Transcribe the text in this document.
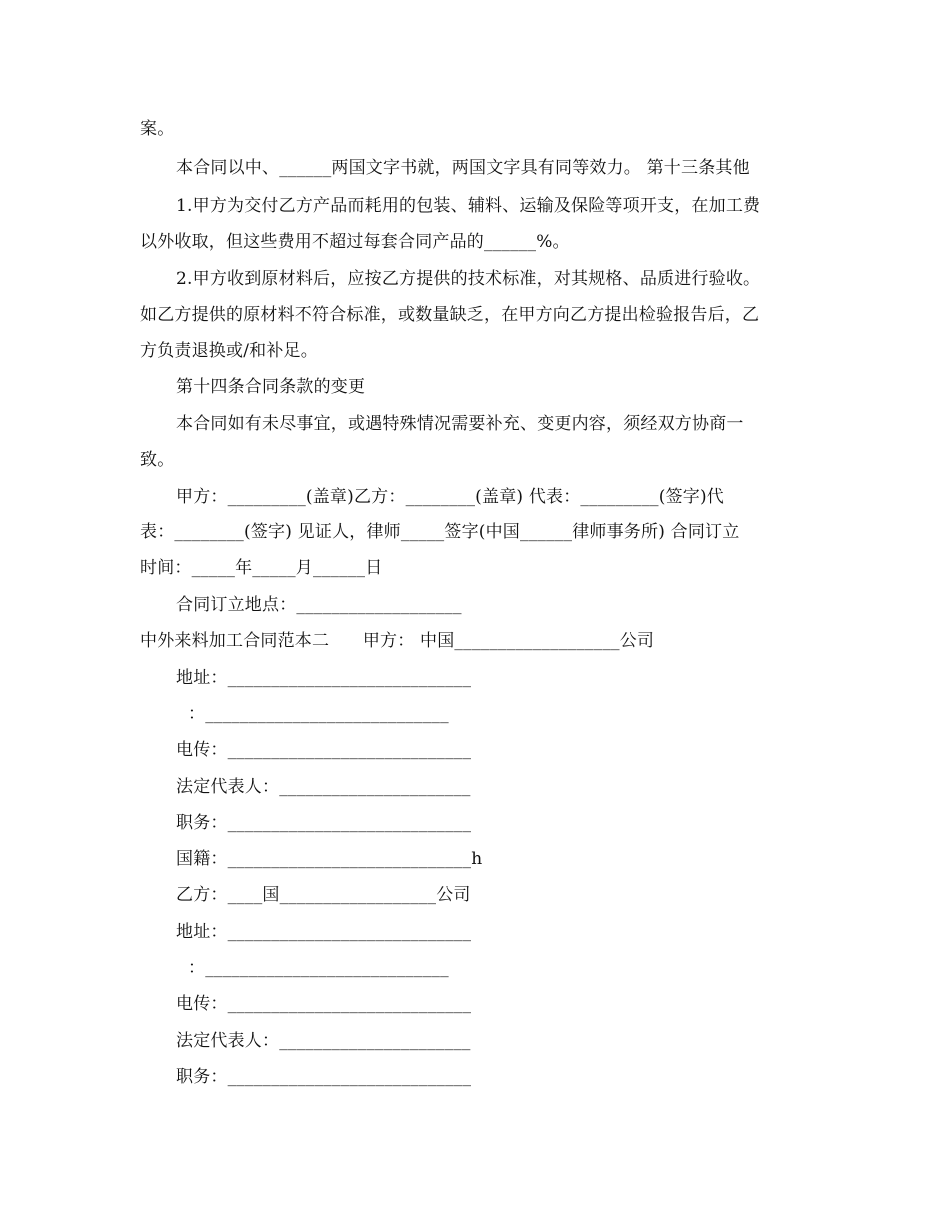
案。
本合同以中、______两国文字书就，两国文字具有同等效力。 第十三条其他
1.甲方为交付乙方产品而耗用的包装、辅料、运输及保险等项开支，在加工费
以外收取，但这些费用不超过每套合同产品的______%。
2.甲方收到原材料后，应按乙方提供的技术标准，对其规格、品质进行验收。
如乙方提供的原材料不符合标准，或数量缺乏，在甲方向乙方提出检验报告后，乙
方负责退换或/和补足。
第十四条合同条款的变更
本合同如有未尽事宜，或遇特殊情况需要补充、变更内容，须经双方协商一
致。
甲方：_________(盖章)乙方：________(盖章) 代表：_________(签字)代
表：________(签字) 见证人，律师_____签字(中国______律师事务所) 合同订立
时间：_____年_____月______日
合同订立地点：___________________
中外来料加工合同范本二      甲方： 中国___________________公司
地址：____________________________
：____________________________
电传：____________________________
法定代表人：______________________
职务：____________________________
国籍：____________________________h
乙方：____国__________________公司
地址：____________________________
：____________________________
电传：____________________________
法定代表人：______________________
职务：____________________________
